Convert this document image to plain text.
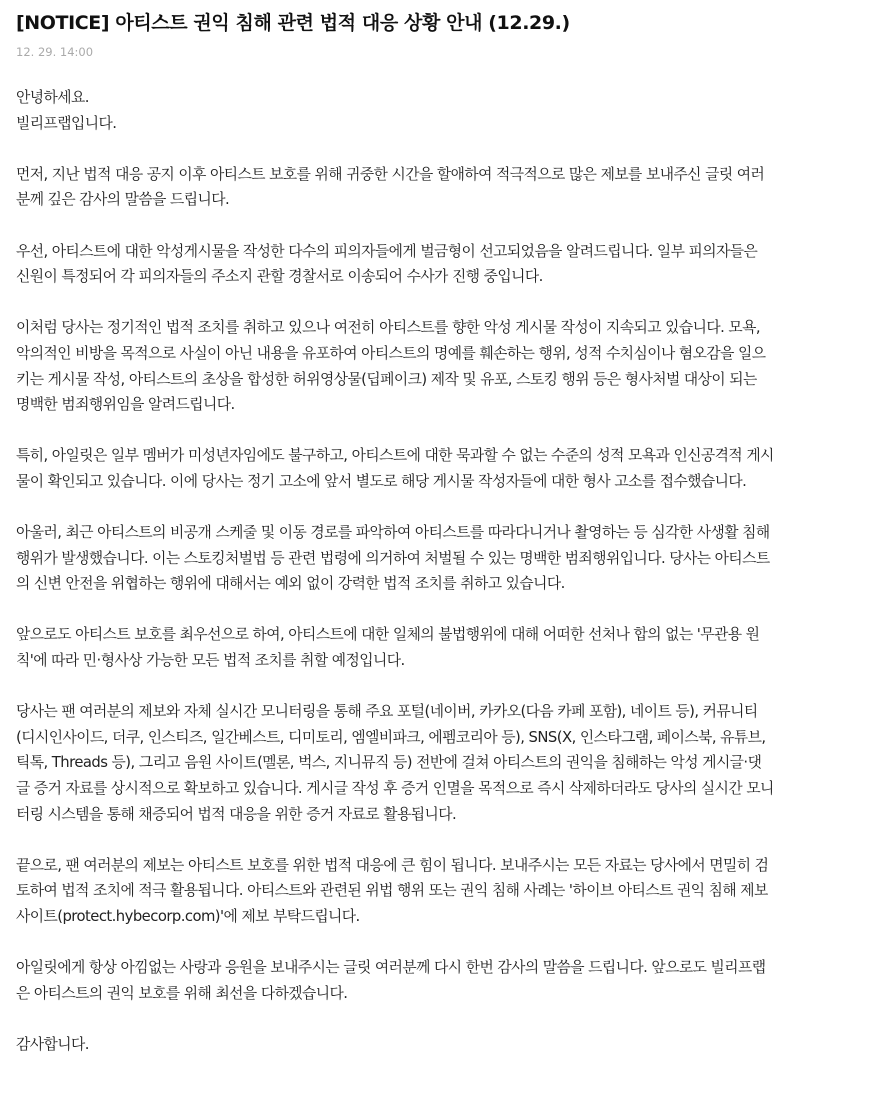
[NOTICE] 아티스트 권익 침해 관련 법적 대응 상황 안내 (12.29.)
12. 29. 14:00

안녕하세요.
빌리프랩입니다.

먼저, 지난 법적 대응 공지 이후 아티스트 보호를 위해 귀중한 시간을 할애하여 적극적으로 많은 제보를 보내주신 글릿 여러
분께 깊은 감사의 말씀을 드립니다.

우선, 아티스트에 대한 악성게시물을 작성한 다수의 피의자들에게 벌금형이 선고되었음을 알려드립니다. 일부 피의자들은
신원이 특정되어 각 피의자들의 주소지 관할 경찰서로 이송되어 수사가 진행 중입니다.

이처럼 당사는 정기적인 법적 조치를 취하고 있으나 여전히 아티스트를 향한 악성 게시물 작성이 지속되고 있습니다. 모욕,
악의적인 비방을 목적으로 사실이 아닌 내용을 유포하여 아티스트의 명예를 훼손하는 행위, 성적 수치심이나 혐오감을 일으
키는 게시물 작성, 아티스트의 초상을 합성한 허위영상물(딥페이크) 제작 및 유포, 스토킹 행위 등은 형사처벌 대상이 되는
명백한 범죄행위임을 알려드립니다.

특히, 아일릿은 일부 멤버가 미성년자임에도 불구하고, 아티스트에 대한 묵과할 수 없는 수준의 성적 모욕과 인신공격적 게시
물이 확인되고 있습니다. 이에 당사는 정기 고소에 앞서 별도로 해당 게시물 작성자들에 대한 형사 고소를 접수했습니다.

아울러, 최근 아티스트의 비공개 스케줄 및 이동 경로를 파악하여 아티스트를 따라다니거나 촬영하는 등 심각한 사생활 침해
행위가 발생했습니다. 이는 스토킹처벌법 등 관련 법령에 의거하여 처벌될 수 있는 명백한 범죄행위입니다. 당사는 아티스트
의 신변 안전을 위협하는 행위에 대해서는 예외 없이 강력한 법적 조치를 취하고 있습니다.

앞으로도 아티스트 보호를 최우선으로 하여, 아티스트에 대한 일체의 불법행위에 대해 어떠한 선처나 합의 없는 '무관용 원
칙'에 따라 민·형사상 가능한 모든 법적 조치를 취할 예정입니다.

당사는 팬 여러분의 제보와 자체 실시간 모니터링을 통해 주요 포털(네이버, 카카오(다음 카페 포함), 네이트 등), 커뮤니티
(디시인사이드, 더쿠, 인스티즈, 일간베스트, 디미토리, 엠엘비파크, 에펨코리아 등), SNS(X, 인스타그램, 페이스북, 유튜브,
틱톡, Threads 등), 그리고 음원 사이트(멜론, 벅스, 지니뮤직 등) 전반에 걸쳐 아티스트의 권익을 침해하는 악성 게시글·댓
글 증거 자료를 상시적으로 확보하고 있습니다. 게시글 작성 후 증거 인멸을 목적으로 즉시 삭제하더라도 당사의 실시간 모니
터링 시스템을 통해 채증되어 법적 대응을 위한 증거 자료로 활용됩니다.

끝으로, 팬 여러분의 제보는 아티스트 보호를 위한 법적 대응에 큰 힘이 됩니다. 보내주시는 모든 자료는 당사에서 면밀히 검
토하여 법적 조치에 적극 활용됩니다. 아티스트와 관련된 위법 행위 또는 권익 침해 사례는 '하이브 아티스트 권익 침해 제보
사이트(protect.hybecorp.com)'에 제보 부탁드립니다.

아일릿에게 항상 아낌없는 사랑과 응원을 보내주시는 글릿 여러분께 다시 한번 감사의 말씀을 드립니다. 앞으로도 빌리프랩
은 아티스트의 권익 보호를 위해 최선을 다하겠습니다.

감사합니다.
